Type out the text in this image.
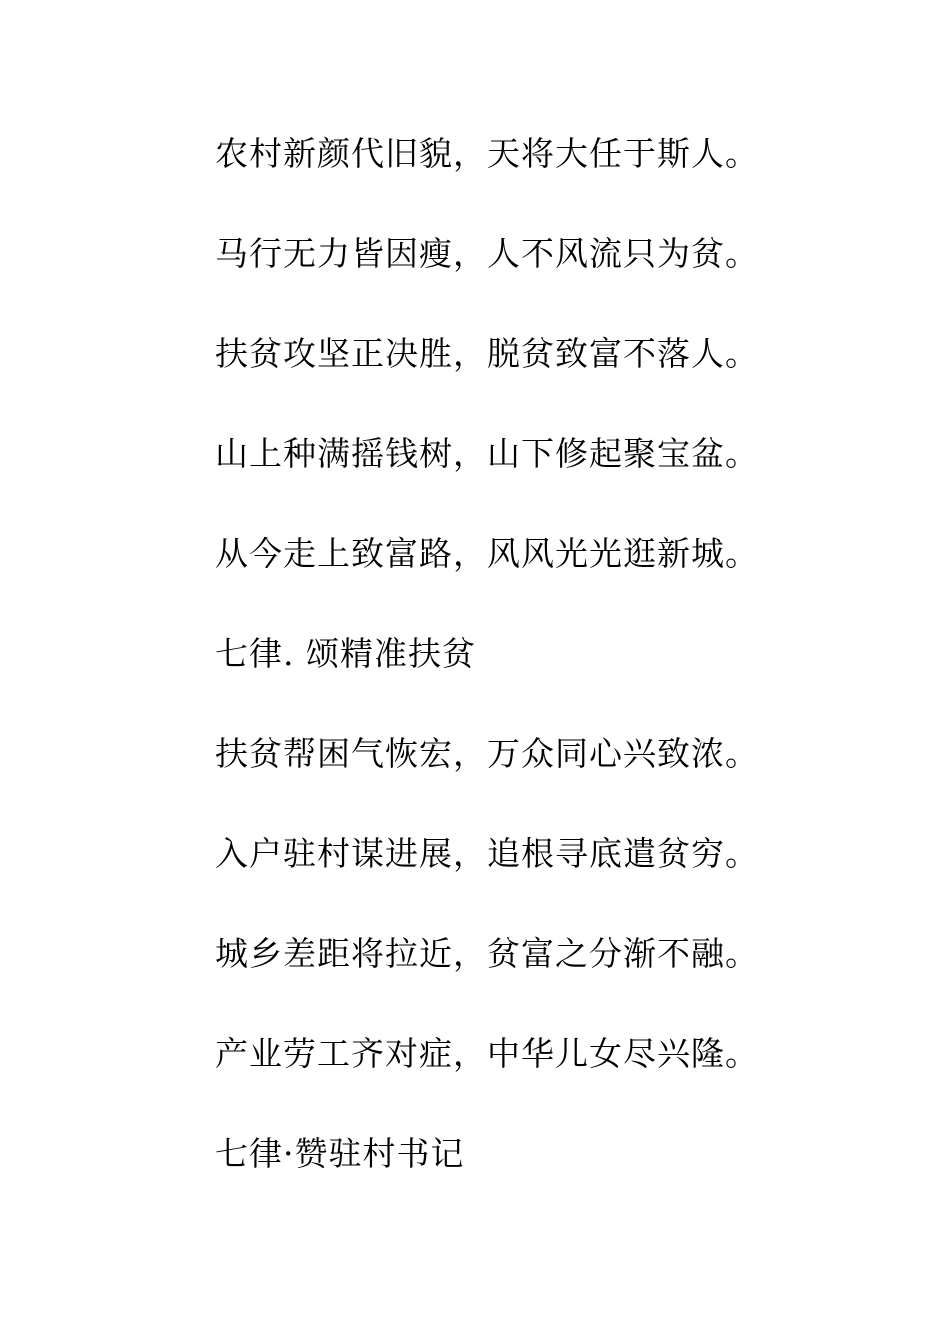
农村新颜代旧貌，天将大任于斯人。
马行无力皆因瘦，人不风流只为贫。
扶贫攻坚正决胜，脱贫致富不落人。
山上种满摇钱树，山下修起聚宝盆。
从今走上致富路，风风光光逛新城。
七律. 颂精准扶贫
扶贫帮困气恢宏，万众同心兴致浓。
入户驻村谋进展，追根寻底遣贫穷。
城乡差距将拉近，贫富之分渐不融。
产业劳工齐对症，中华儿女尽兴隆。
七律·赞驻村书记
